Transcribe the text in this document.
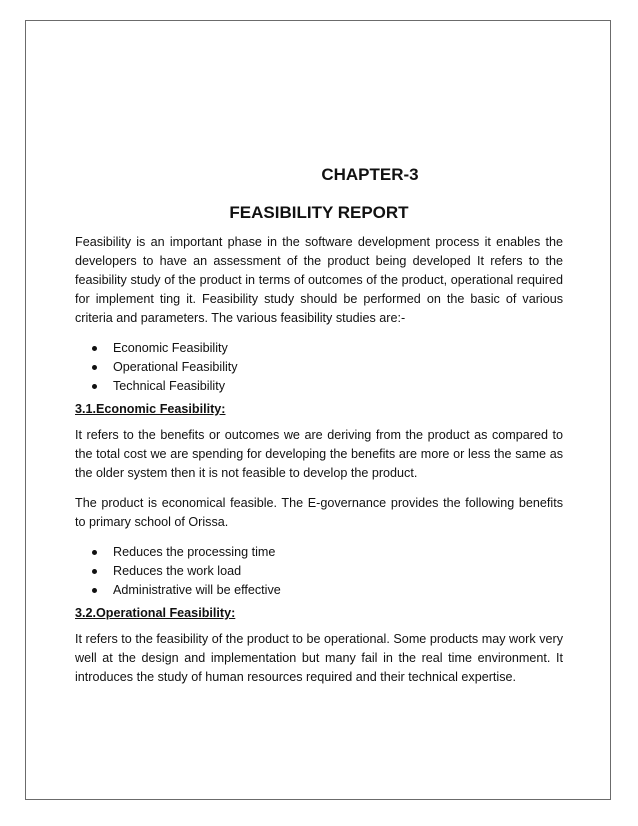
CHAPTER-3
FEASIBILITY REPORT

Feasibility is an important phase in the software development process it enables the developers to have an assessment of the product being developed It refers to the feasibility study of the product in terms of outcomes of the product, operational required for implement ting it. Feasibility study should be performed on the basic of various criteria and parameters. The various feasibility studies are:-

Economic Feasibility
Operational Feasibility
Technical Feasibility
3.1.Economic Feasibility:

It refers to the benefits or outcomes we are deriving from the product as compared to the total cost we are spending for developing the benefits are more or less the same as the older system then it is not feasible to develop the product.

The product is economical feasible. The E-governance provides the following benefits to primary school of Orissa.

Reduces the processing time
Reduces the work load
Administrative will be effective
3.2.Operational Feasibility:

It refers to the feasibility of the product to be operational. Some products may work very well at the design and implementation but many fail in the real time environment. It introduces the study of human resources required and their technical expertise.
